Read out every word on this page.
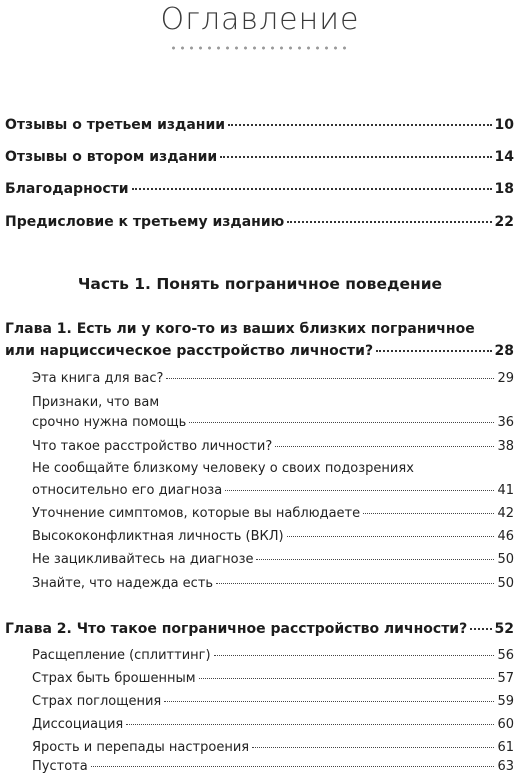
Оглавление
Отзывы о третьем издании	10
Отзывы о втором издании	14
Благодарности	18
Предисловие к третьему изданию	22
Часть 1. Понять пограничное поведение
Глава 1. Есть ли у кого-то из ваших близких пограничное
или нарциссическое расстройство личности?	28
Эта книга для вас?	29
Признаки, что вам
срочно нужна помощь	36
Что такое расстройство личности?	38
Не сообщайте близкому человеку о своих подозрениях
относительно его диагноза	41
Уточнение симптомов, которые вы наблюдаете	42
Высококонфликтная личность (ВКЛ)	46
Не зацикливайтесь на диагнозе	50
Знайте, что надежда есть	50
Глава 2. Что такое пограничное расстройство личности? 52
Расщепление (сплиттинг)	56
Страх быть брошенным	57
Страх поглощения	59
Диссоциация	60
Ярость и перепады настроения	61
Пустота	63
